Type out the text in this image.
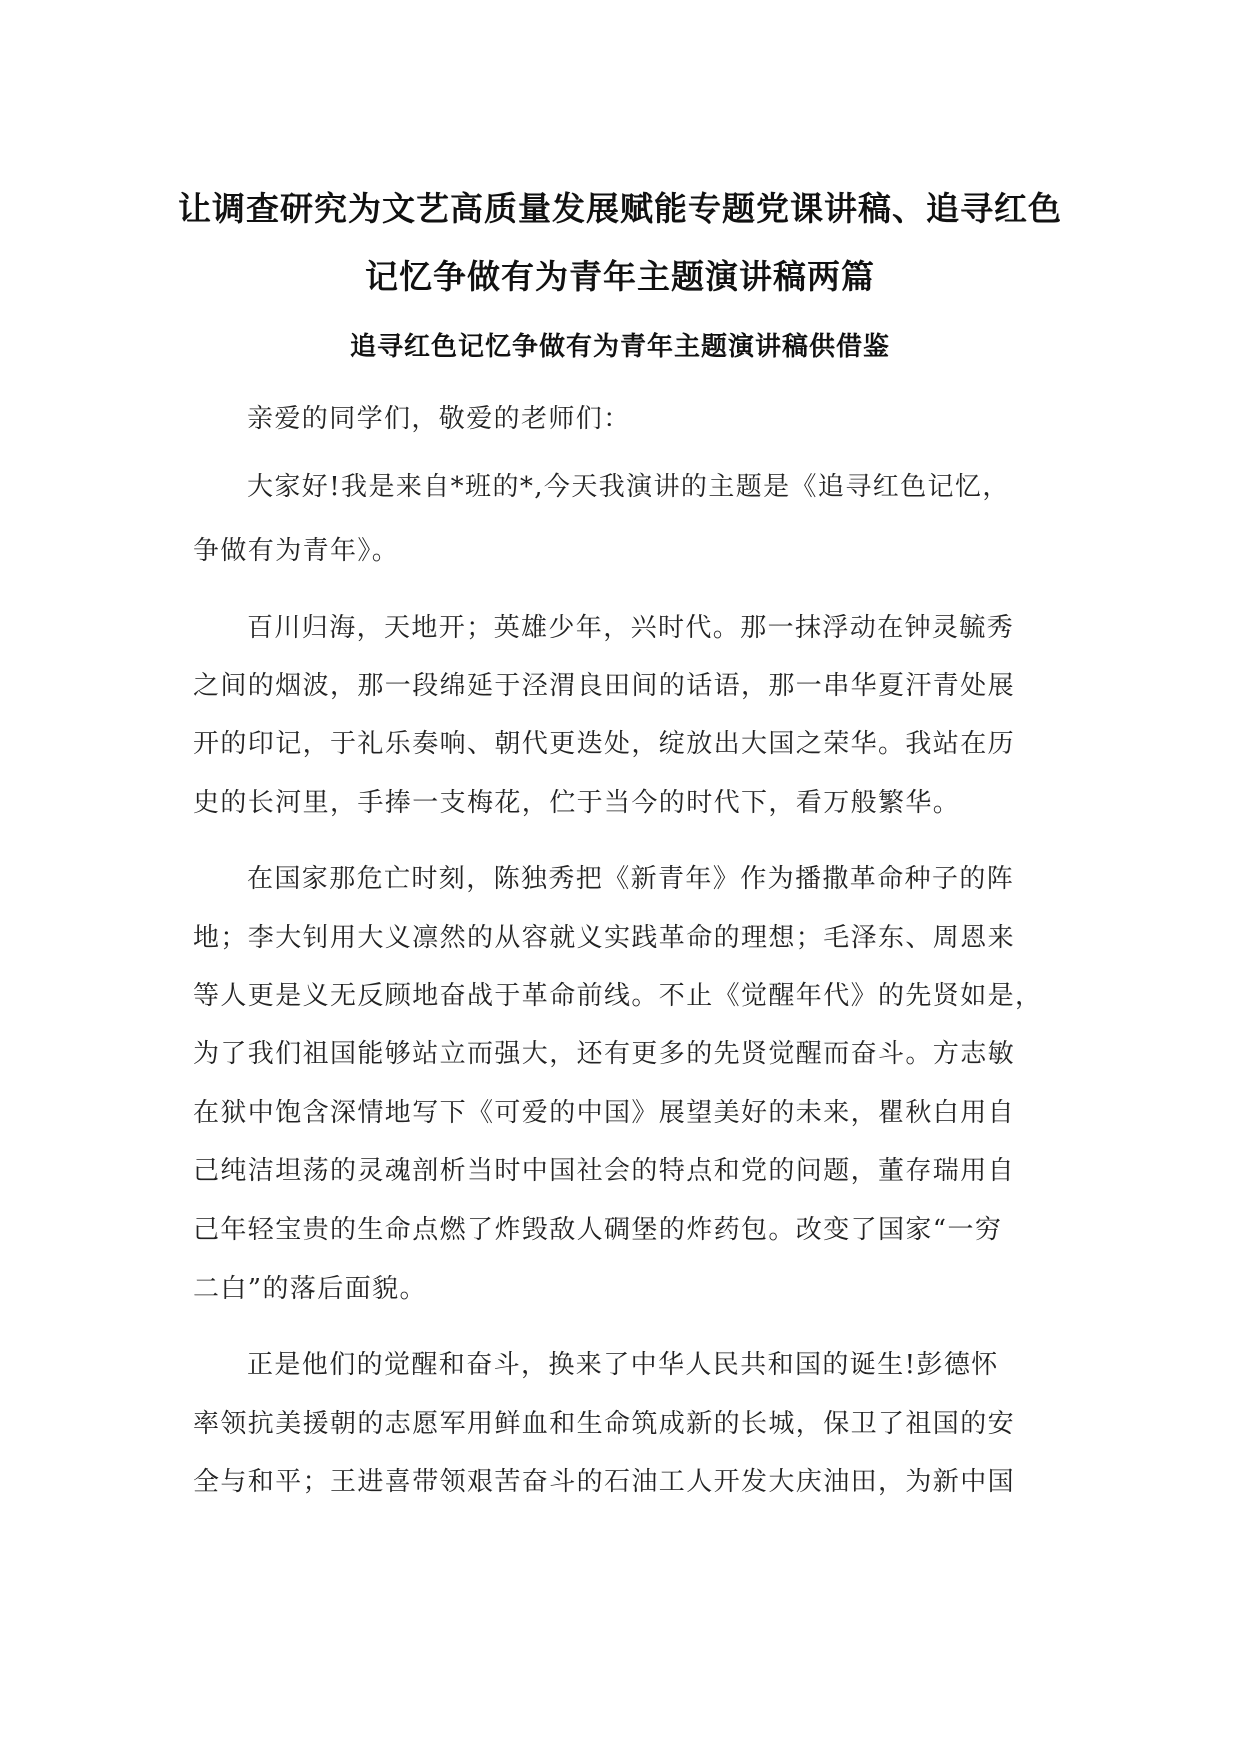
让调查研究为文艺高质量发展赋能专题党课讲稿、追寻红色
记忆争做有为青年主题演讲稿两篇
追寻红色记忆争做有为青年主题演讲稿供借鉴
亲爱的同学们，敬爱的老师们：
大家好!我是来自*班的*,今天我演讲的主题是《追寻红色记忆，
争做有为青年》。
百川归海，天地开；英雄少年，兴时代。那一抹浮动在钟灵毓秀
之间的烟波，那一段绵延于泾渭良田间的话语，那一串华夏汗青处展
开的印记，于礼乐奏响、朝代更迭处，绽放出大国之荣华。我站在历
史的长河里，手捧一支梅花，伫于当今的时代下，看万般繁华。
在国家那危亡时刻，陈独秀把《新青年》作为播撒革命种子的阵
地；李大钊用大义凛然的从容就义实践革命的理想；毛泽东、周恩来
等人更是义无反顾地奋战于革命前线。不止《觉醒年代》的先贤如是，
为了我们祖国能够站立而强大，还有更多的先贤觉醒而奋斗。方志敏
在狱中饱含深情地写下《可爱的中国》展望美好的未来，瞿秋白用自
己纯洁坦荡的灵魂剖析当时中国社会的特点和党的问题，董存瑞用自
己年轻宝贵的生命点燃了炸毁敌人碉堡的炸药包。改变了国家“一穷
二白”的落后面貌。
正是他们的觉醒和奋斗，换来了中华人民共和国的诞生!彭德怀
率领抗美援朝的志愿军用鲜血和生命筑成新的长城，保卫了祖国的安
全与和平；王进喜带领艰苦奋斗的石油工人开发大庆油田，为新中国
